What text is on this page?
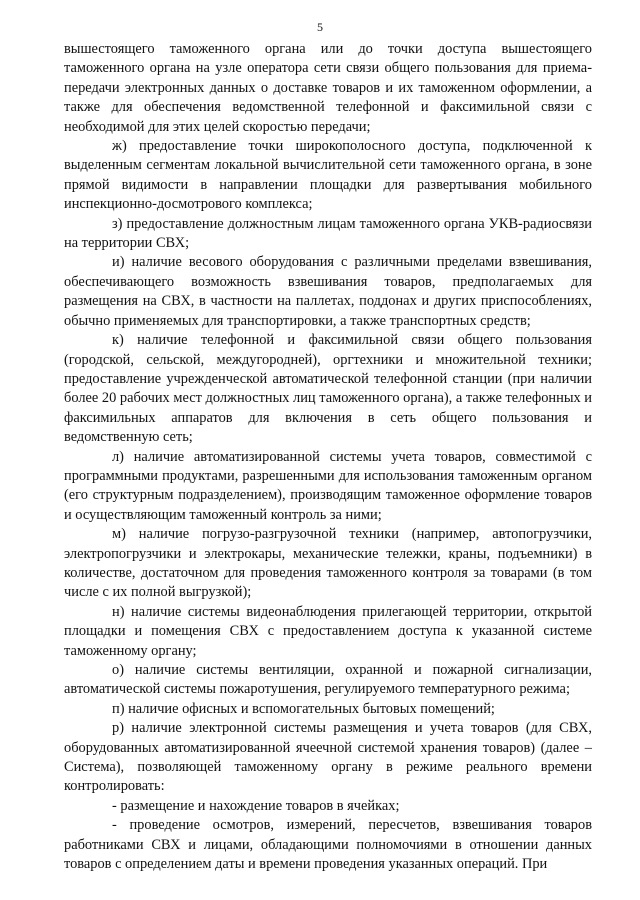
5

вышестоящего таможенного органа или до точки доступа вышестоящего таможенного органа на узле оператора сети связи общего пользования для приема-передачи электронных данных о доставке товаров и их таможенном оформлении, а также для обеспечения ведомственной телефонной и факсимильной связи с необходимой для этих целей скоростью передачи;

ж) предоставление точки широкополосного доступа, подключенной к выделенным сегментам локальной вычислительной сети таможенного органа, в зоне прямой видимости в направлении площадки для развертывания мобильного инспекционно-досмотрового комплекса;

з) предоставление должностным лицам таможенного органа УКВ-радиосвязи на территории СВХ;

и) наличие весового оборудования с различными пределами взвешивания, обеспечивающего возможность взвешивания товаров, предполагаемых для размещения на СВХ, в частности на паллетах, поддонах и других приспособлениях, обычно применяемых для транспортировки, а также транспортных средств;

к) наличие телефонной и факсимильной связи общего пользования (городской, сельской, междугородней), оргтехники и множительной техники; предоставление учрежденческой автоматической телефонной станции (при наличии более 20 рабочих мест должностных лиц таможенного органа), а также телефонных и факсимильных аппаратов для включения в сеть общего пользования и ведомственную сеть;

л) наличие автоматизированной системы учета товаров, совместимой с программными продуктами, разрешенными для использования таможенным органом (его структурным подразделением), производящим таможенное оформление товаров и осуществляющим таможенный контроль за ними;

м) наличие погрузо-разгрузочной техники (например, автопогрузчики, электропогрузчики и электрокары, механические тележки, краны, подъемники) в количестве, достаточном для проведения таможенного контроля за товарами (в том числе с их полной выгрузкой);

н) наличие системы видеонаблюдения прилегающей территории, открытой площадки и помещения СВХ с предоставлением доступа к указанной системе таможенному органу;

о) наличие системы вентиляции, охранной и пожарной сигнализации, автоматической системы пожаротушения, регулируемого температурного режима;

п) наличие офисных и вспомогательных бытовых помещений;

р) наличие электронной системы размещения и учета товаров (для СВХ, оборудованных автоматизированной ячеечной системой хранения товаров) (далее – Система), позволяющей таможенному органу в режиме реального времени контролировать:

- размещение и нахождение товаров в ячейках;

- проведение осмотров, измерений, пересчетов, взвешивания товаров работниками СВХ и лицами, обладающими полномочиями в отношении данных товаров с определением даты и времени проведения указанных операций. При
